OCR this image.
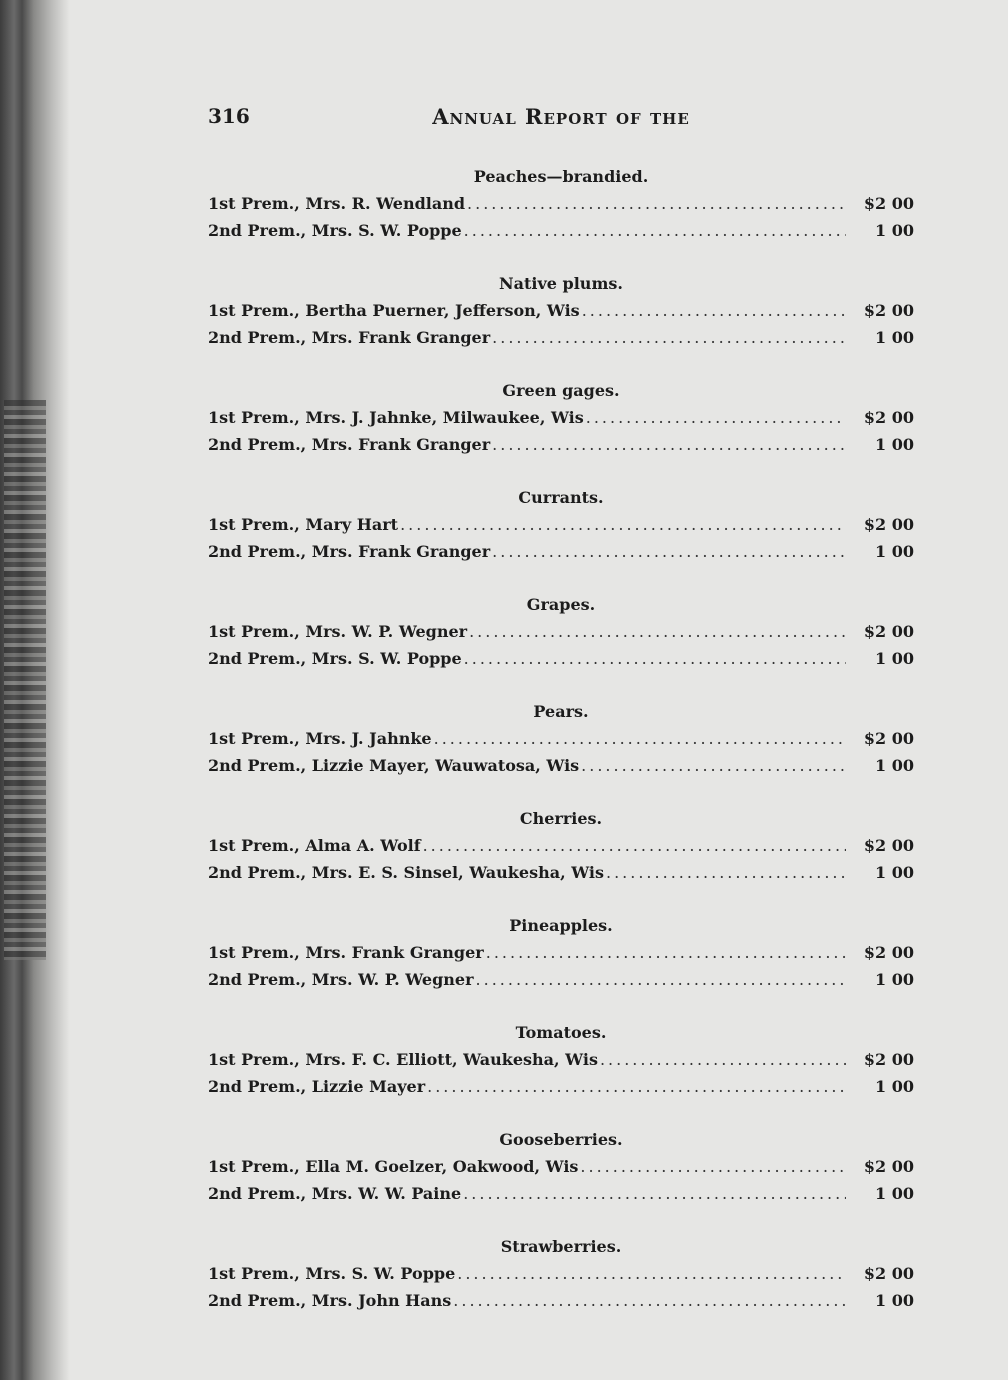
316	Annual Report of the
Peaches—brandied.
1st Prem., Mrs. R. Wendland .....	$2 00
2nd Prem., Mrs. S. W. Poppe .....	1 00
Native plums.
1st Prem., Bertha Puerner, Jefferson, Wis .....	$2 00
2nd Prem., Mrs. Frank Granger .....	1 00
Green gages.
1st Prem., Mrs. J. Jahnke, Milwaukee, Wis .....	$2 00
2nd Prem., Mrs. Frank Granger .....	1 00
Currants.
1st Prem., Mary Hart .....	$2 00
2nd Prem., Mrs. Frank Granger .....	1 00
Grapes.
1st Prem., Mrs. W. P. Wegner .....	$2 00
2nd Prem., Mrs. S. W. Poppe .....	1 00
Pears.
1st Prem., Mrs. J. Jahnke .....	$2 00
2nd Prem., Lizzie Mayer, Wauwatosa, Wis .....	1 00
Cherries.
1st Prem., Alma A. Wolf .....	$2 00
2nd Prem., Mrs. E. S. Sinsel, Waukesha, Wis .....	1 00
Pineapples.
1st Prem., Mrs. Frank Granger .....	$2 00
2nd Prem., Mrs. W. P. Wegner .....	1 00
Tomatoes.
1st Prem., Mrs. F. C. Elliott, Waukesha, Wis .....	$2 00
2nd Prem., Lizzie Mayer .....	1 00
Gooseberries.
1st Prem., Ella M. Goelzer, Oakwood, Wis .....	$2 00
2nd Prem., Mrs. W. W. Paine .....	1 00
Strawberries.
1st Prem., Mrs. S. W. Poppe .....	$2 00
2nd Prem., Mrs. John Hans .....	1 00
